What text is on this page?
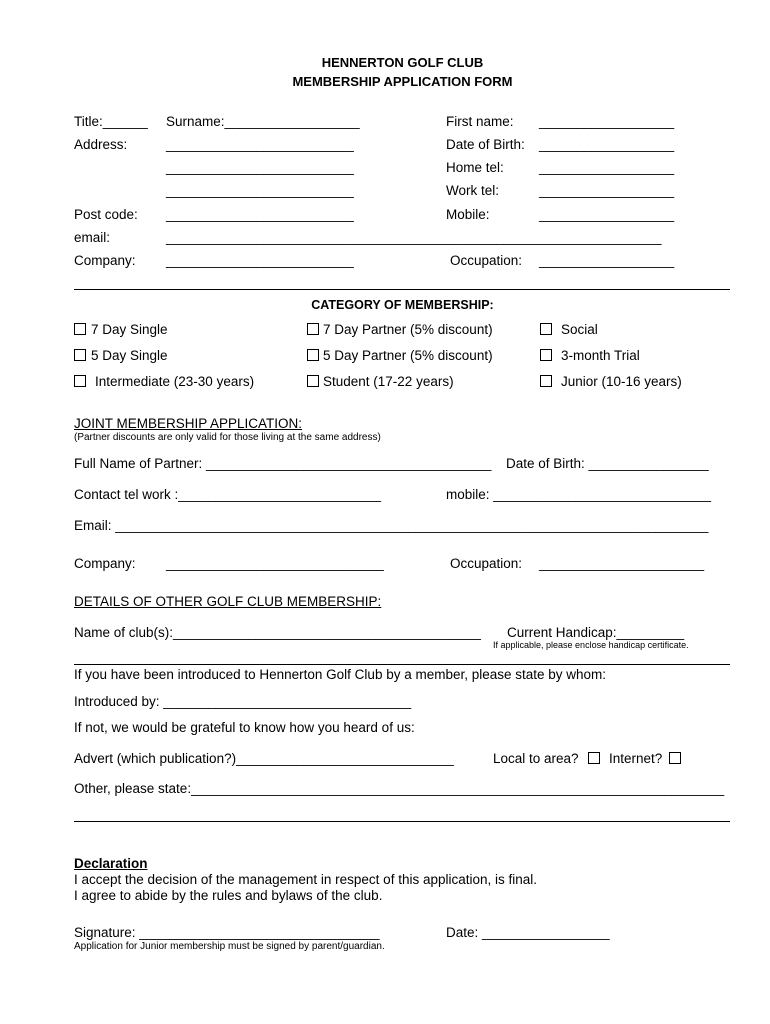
HENNERTON GOLF CLUB
MEMBERSHIP APPLICATION FORM
Title:______ Surname:__________________	First name: __________________
Address:	_________________________	Date of Birth: __________________
_________________________	Home tel:	__________________
_________________________	Work tel:	__________________
Post code: _________________________	Mobile:	__________________
email:	__________________________________________________________________
Company: _________________________	Occupation: __________________
CATEGORY OF MEMBERSHIP:
7 Day Single	7 Day Partner (5% discount)	Social
5 Day Single	5 Day Partner (5% discount)	3-month Trial
Intermediate (23-30 years)	Student (17-22 years)	Junior (10-16 years)
JOINT MEMBERSHIP APPLICATION:
(Partner discounts are only valid for those living at the same address)
Full Name of Partner: ______________________________________ Date of Birth: ________________
Contact tel work :___________________________	mobile: _____________________________
Email: _______________________________________________________________________________
Company: _____________________________	Occupation: ______________________
DETAILS OF OTHER GOLF CLUB MEMBERSHIP:
Name of club(s):_________________________________________ Current Handicap:_________
If applicable, please enclose handicap certificate.
If you have been introduced to Hennerton Golf Club by a member, please state by whom:
Introduced by: _________________________________
If not, we would be grateful to know how you heard of us:
Advert (which publication?)_____________________________	Local to area? Internet?
Other, please state:_______________________________________________________________________
Declaration
I accept the decision of the management in respect of this application, is final.
I agree to abide by the rules and bylaws of the club.
Signature: ________________________________	Date: _________________
Application for Junior membership must be signed by parent/guardian.
